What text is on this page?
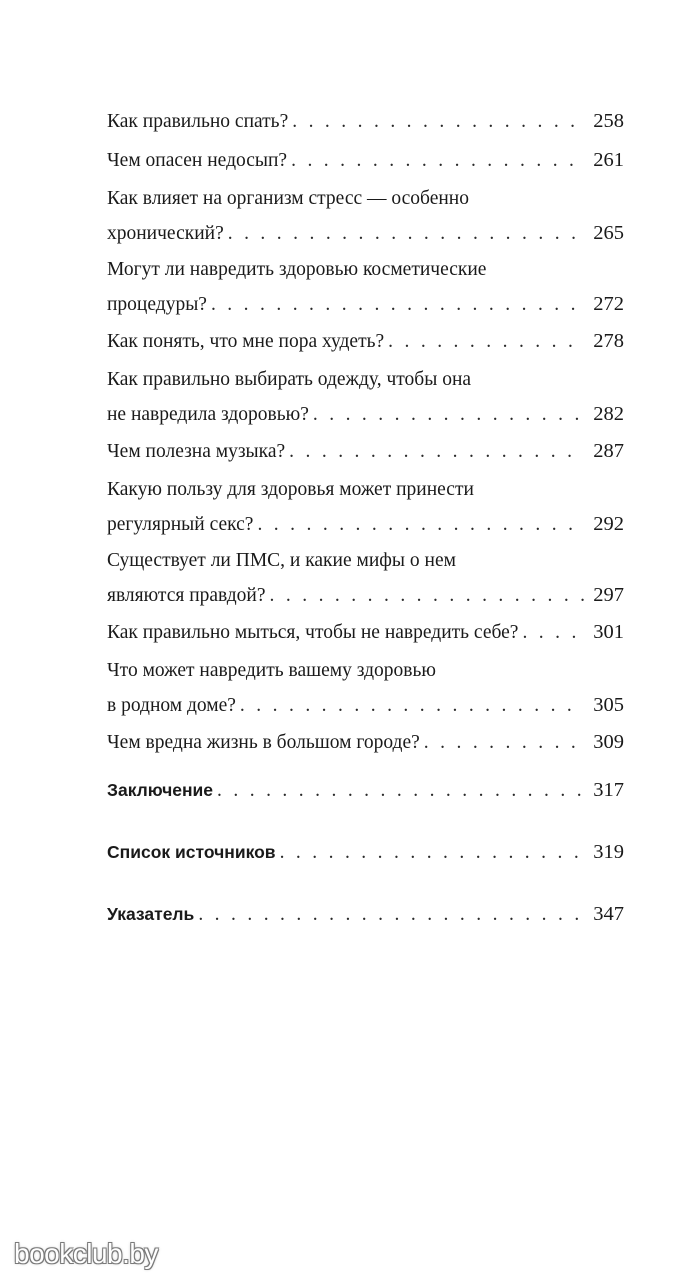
Как правильно спать? . . .	258
Чем опасен недосып? . . .	261
Как влияет на организм стресс — особенно
хронический? . . .	265
Могут ли навредить здоровью косметические
процедуры? . . .	272
Как понять, что мне пора худеть? . . .	278
Как правильно выбирать одежду, чтобы она
не навредила здоровью? . . .	282
Чем полезна музыка? . . .	287
Какую пользу для здоровья может принести
регулярный секс? . . .	292
Существует ли ПМС, и какие мифы о нем
являются правдой? . . .	297
Как правильно мыться, чтобы не навредить себе? . . .	301
Что может навредить вашему здоровью
в родном доме? . . .	305
Чем вредна жизнь в большом городе? . . .	309
Заключение . . .	317
Список источников . . .	319
Указатель . . .	347
bookclub.by
